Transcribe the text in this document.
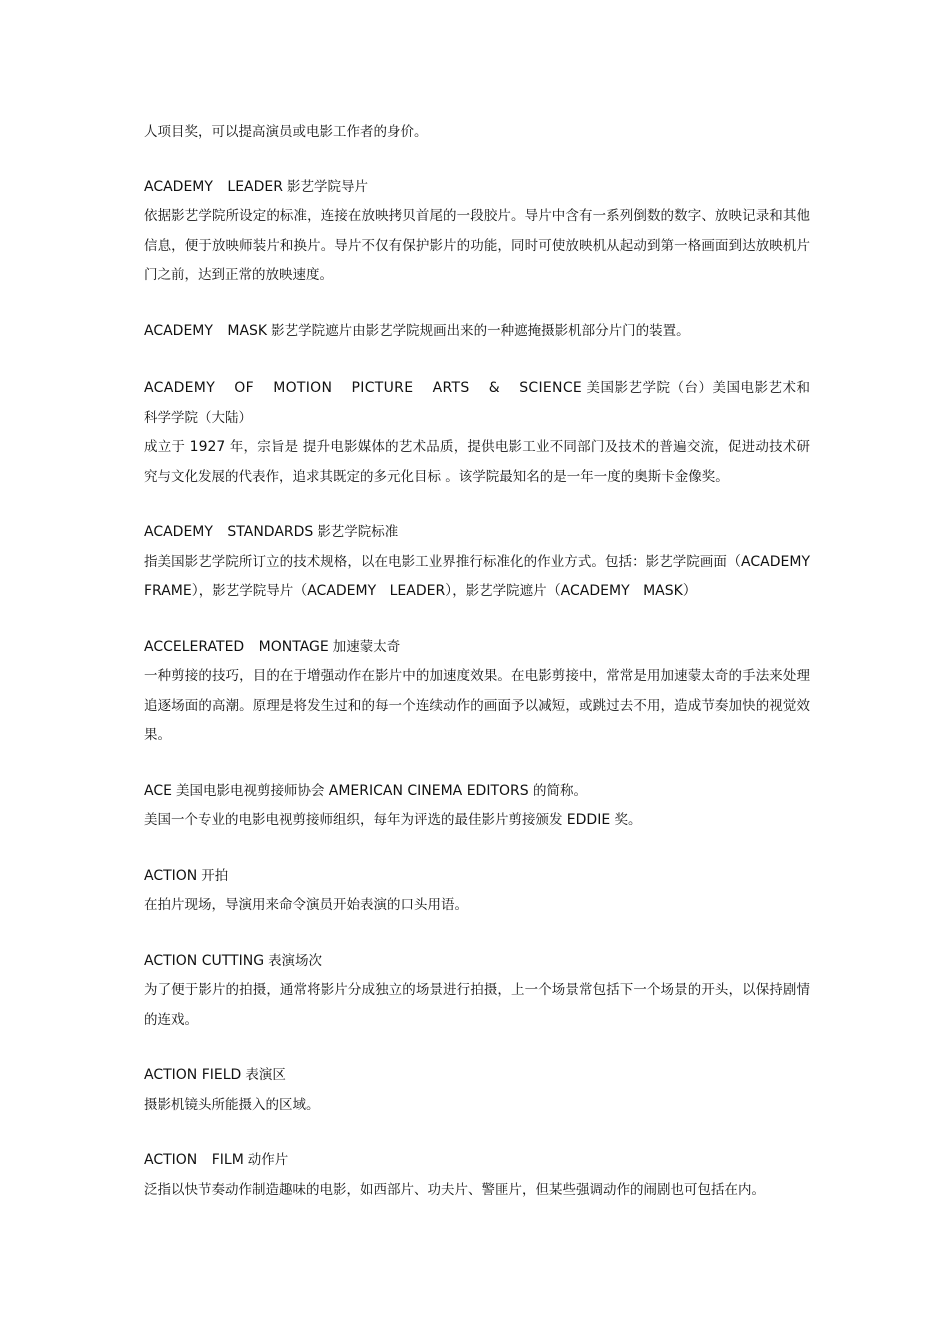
人项目奖，可以提高演员或电影工作者的身价。

ACADEMY LEADER 影艺学院导片

依据影艺学院所设定的标准，连接在放映拷贝首尾的一段胶片。导片中含有一系列倒数的数字、放映记录和其他信息，便于放映师装片和换片。导片不仅有保护影片的功能，同时可使放映机从起动到第一格画面到达放映机片门之前，达到正常的放映速度。

ACADEMY MASK 影艺学院遮片由影艺学院规画出来的一种遮掩摄影机部分片门的装置。

ACADEMY OF MOTION PICTURE ARTS & SCIENCE 美国影艺学院（台）美国电影艺术和科学学院（大陆）

成立于 1927 年，宗旨是 提升电影媒体的艺术品质，提供电影工业不同部门及技术的普遍交流，促进动技术研究与文化发展的代表作，追求其既定的多元化目标 。该学院最知名的是一年一度的奥斯卡金像奖。

ACADEMY STANDARDS 影艺学院标准

指美国影艺学院所订立的技术规格，以在电影工业界推行标准化的作业方式。包括：影艺学院画面（ACADEMY FRAME），影艺学院导片（ACADEMY LEADER），影艺学院遮片（ACADEMY MASK）

ACCELERATED MONTAGE 加速蒙太奇

一种剪接的技巧，目的在于增强动作在影片中的加速度效果。在电影剪接中，常常是用加速蒙太奇的手法来处理追逐场面的高潮。原理是将发生过和的每一个连续动作的画面予以减短，或跳过去不用，造成节奏加快的视觉效果。

ACE 美国电影电视剪接师协会 AMERICAN CINEMA EDITORS 的简称。

美国一个专业的电影电视剪接师组织，每年为评选的最佳影片剪接颁发 EDDIE 奖。

ACTION 开拍

在拍片现场，导演用来命令演员开始表演的口头用语。

ACTION CUTTING 表演场次

为了便于影片的拍摄，通常将影片分成独立的场景进行拍摄，上一个场景常包括下一个场景的开头，以保持剧情的连戏。

ACTION FIELD 表演区

摄影机镜头所能摄入的区域。

ACTION FILM 动作片

泛指以快节奏动作制造趣味的电影，如西部片、功夫片、警匪片，但某些强调动作的闹剧也可包括在内。
